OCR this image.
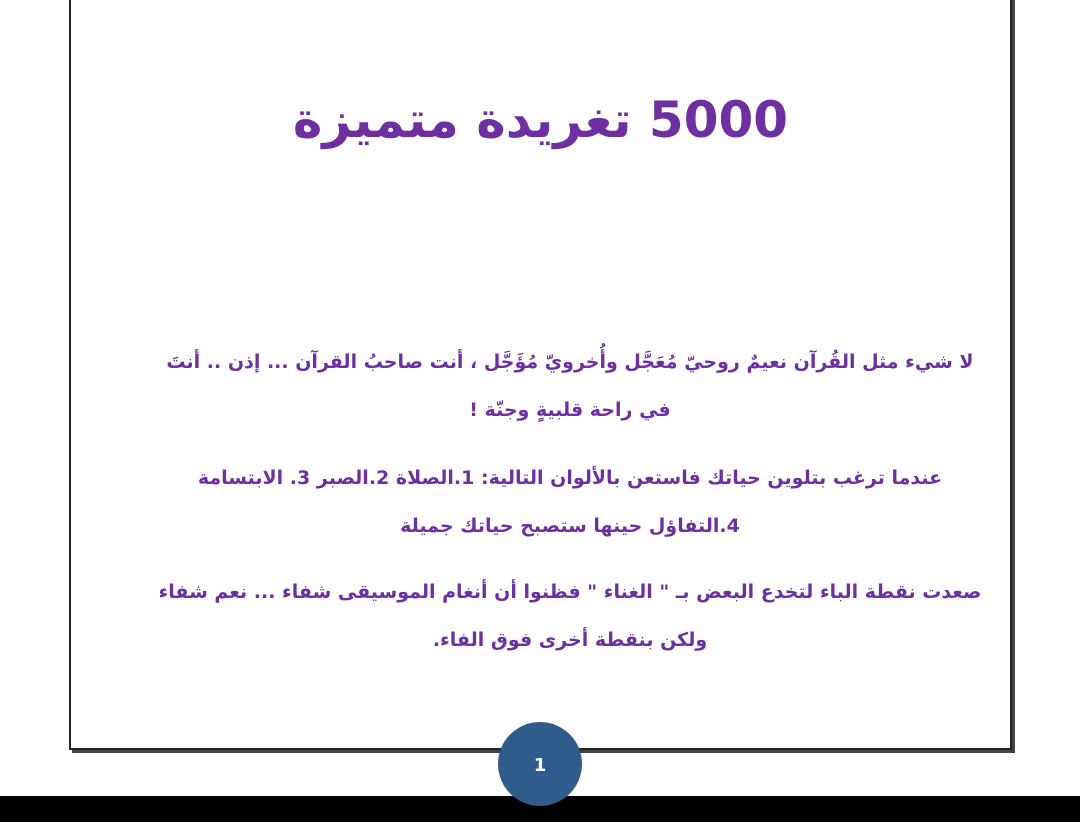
5000 تغريدة متميزة

لا شيء مثل القُرآن نعيمٌ روحيّ مُعَجَّل وأُخرويّ مُؤَجَّل ، أنت صاحبُ القرآن ... إذن .. أنتَ في راحة قلبيةٍ وجنّة !

عندما ترغب بتلوين حياتك فاستعن بالألوان التالية: 1.الصلاة 2.الصبر 3. الابتسامة 4.التفاؤل حينها ستصبح حياتك جميلة

صعدت نقطة الباء لتخدع البعض بـ " الغناء " فظنوا أن أنغام الموسيقى شفاء ... نعم شفاء ولكن بنقطة أخرى فوق الفاء.

1
